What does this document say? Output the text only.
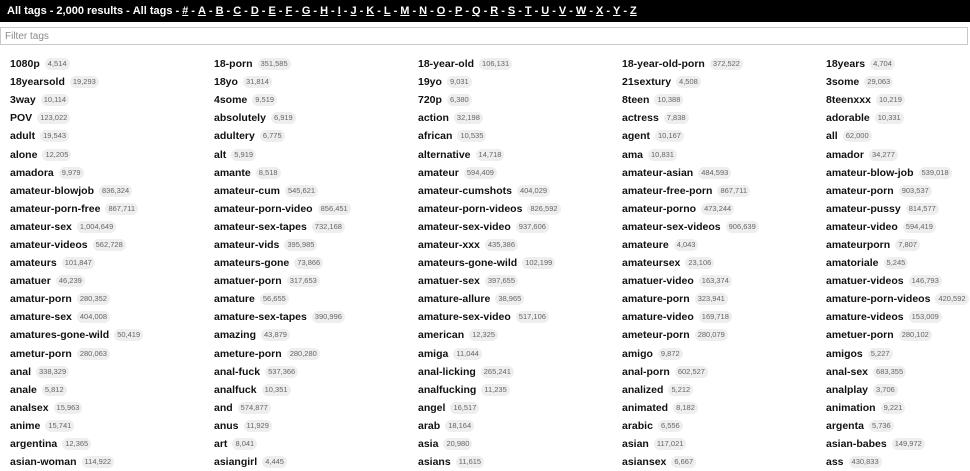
All tags - 2,000 results - All tags - # - A - B - C - D - E - F - G - H - I - J - K - L - M - N - O - P - Q - R - S - T - U - V - W - X - Y - Z
Filter tags
1080p	4,514	18-porn	351,585	18-year-old	106,131	18-year-old-porn	372,522	18years	4,704
18yearsold	19,293	18yo	31,814	19yo	9,031	21sextury	4,508	3some	29,063
3way	10,114	4some	9,519	720p	6,380	8teen	10,388	8teenxxx	10,219
POV	123,022	absolutely	6,919	action	32,198	actress	7,838	adorable	10,331
adult	19,543	adultery	6,775	african	10,535	agent	10,167	all	62,000
alone	12,205	alt	5,919	alternative	14,718	ama	10,831	amador	34,277
amadora	9,979	amante	8,518	amateur	594,409	amateur-asian	484,593	amateur-blow-job	539,018
amateur-blowjob	836,324	amateur-cum	545,621	amateur-cumshots	404,029	amateur-free-porn	867,711	amateur-porn	903,537
amateur-porn-free	867,711	amateur-porn-video	856,451	amateur-porn-videos	826,592	amateur-porno	473,244	amateur-pussy	814,577
amateur-sex	1,004,649	amateur-sex-tapes	732,168	amateur-sex-video	937,606	amateur-sex-videos	906,639	amateur-video	594,419
amateur-videos	562,728	amateur-vids	395,985	amateur-xxx	435,386	amateure	4,043	amateurporn	7,807
amateurs	101,847	amateurs-gone	73,866	amateurs-gone-wild	102,199	amateursex	23,106	amatoriale	5,245
amatuer	46,239	amatuer-porn	317,653	amatuer-sex	397,655	amatuer-video	163,374	amatuer-videos	146,793
amatur-porn	280,352	amature	56,655	amature-allure	38,965	amature-porn	323,941	amature-porn-videos	420,592
amature-sex	404,008	amature-sex-tapes	390,996	amature-sex-video	517,106	amature-video	169,718	amature-videos	153,009
amatures-gone-wild	50,419	amazing	43,879	american	12,325	ameteur-porn	280,079	ametuer-porn	280,102
ametur-porn	280,063	ameture-porn	280,280	amiga	11,044	amigo	9,872	amigos	5,227
anal	338,329	anal-fuck	537,366	anal-licking	265,241	anal-porn	602,527	anal-sex	683,355
anale	5,812	analfuck	10,351	analfucking	11,235	analized	5,212	analplay	3,706
analsex	15,963	and	574,877	angel	16,517	animated	8,182	animation	9,221
anime	15,741	anus	11,929	arab	18,164	arabic	6,556	argenta	5,736
argentina	12,365	art	8,041	asia	20,980	asian	117,021	asian-babes	149,972
asian-woman	114,922	asiangirl	4,445	asians	11,615	asiansex	6,667	ass	430,833
